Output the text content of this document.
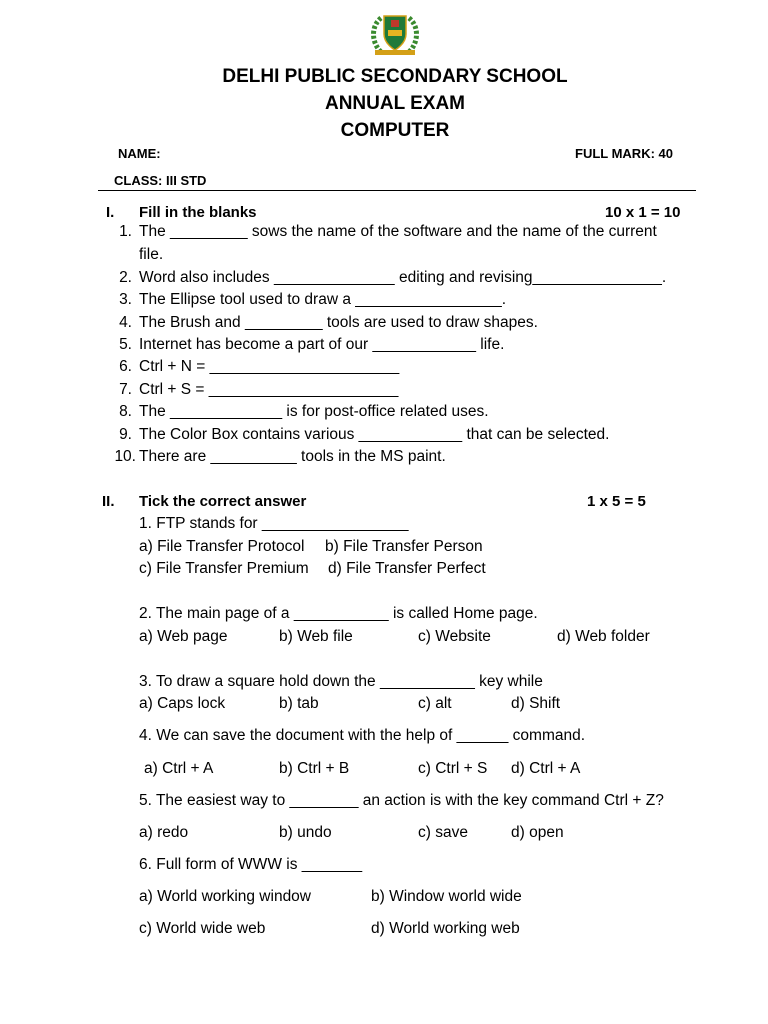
DELHI PUBLIC SECONDARY SCHOOL
ANNUAL EXAM
COMPUTER
NAME:	FULL MARK: 40
CLASS: III STD
I. Fill in the blanks	10 x 1 = 10
1. The _________ sows the name of the software and the name of the current
file.
2. Word also includes ______________ editing and revising_______________.
3. The Ellipse tool used to draw a _________________.
4. The Brush and _________ tools are used to draw shapes.
5. Internet has become a part of our ____________ life.
6. Ctrl + N = ______________________
7. Ctrl + S = ______________________
8. The _____________ is for post-office related uses.
9. The Color Box contains various ____________ that can be selected.
10. There are __________ tools in the MS paint.
II. Tick the correct answer	1 x 5 = 5
1. FTP stands for _________________
a) File Transfer Protocol b) File Transfer Person
c) File Transfer Premium d) File Transfer Perfect
2. The main page of a ___________ is called Home page.
a) Web page	b) Web file	c) Website	d) Web folder
3. To draw a square hold down the ___________ key while
a) Caps lock	b) tab	c) alt	d) Shift
4. We can save the document with the help of ______ command.
a) Ctrl + A	b) Ctrl + B	c) Ctrl + S d) Ctrl + A
5. The easiest way to ________ an action is with the key command Ctrl + Z?
a) redo	b) undo	c) save	d) open
6. Full form of WWW is _______
a) World working window	b) Window world wide
c) World wide web	d) World working web
